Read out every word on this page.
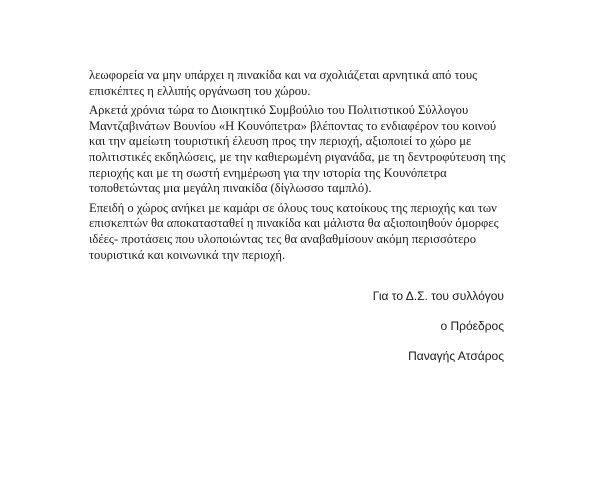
λεωφορεία να μην υπάρχει η πινακίδα και να σχολιάζεται αρνητικά από τους επισκέπτες η ελλιπής οργάνωση του χώρου.

Αρκετά χρόνια τώρα το Διοικητικό Συμβούλιο του Πολιτιστικού Σύλλογου Μαντζαβινάτων Βουνίου «Η Κουνόπετρα» βλέποντας το ενδιαφέρον του κοινού και την αμείωτη τουριστική έλευση προς την περιοχή, αξιοποιεί το χώρο με πολιτιστικές εκδηλώσεις, με την καθιερωμένη ριγανάδα, με τη δεντροφύτευση της περιοχής και με τη σωστή ενημέρωση για την ιστορία της Κουνόπετρα τοποθετώντας μια μεγάλη πινακίδα (δίγλωσσο ταμπλό).

Επειδή ο χώρος ανήκει με καμάρι σε όλους τους κατοίκους της περιοχής και των επισκεπτών θα αποκατασταθεί η πινακίδα και μάλιστα θα αξιοποιηθούν όμορφες ιδέες- προτάσεις που υλοποιώντας τες θα αναβαθμίσουν ακόμη περισσότερο τουριστικά και κοινωνικά την περιοχή.

Για το Δ.Σ. του συλλόγου
ο Πρόεδρος
Παναγής Ατσάρος
